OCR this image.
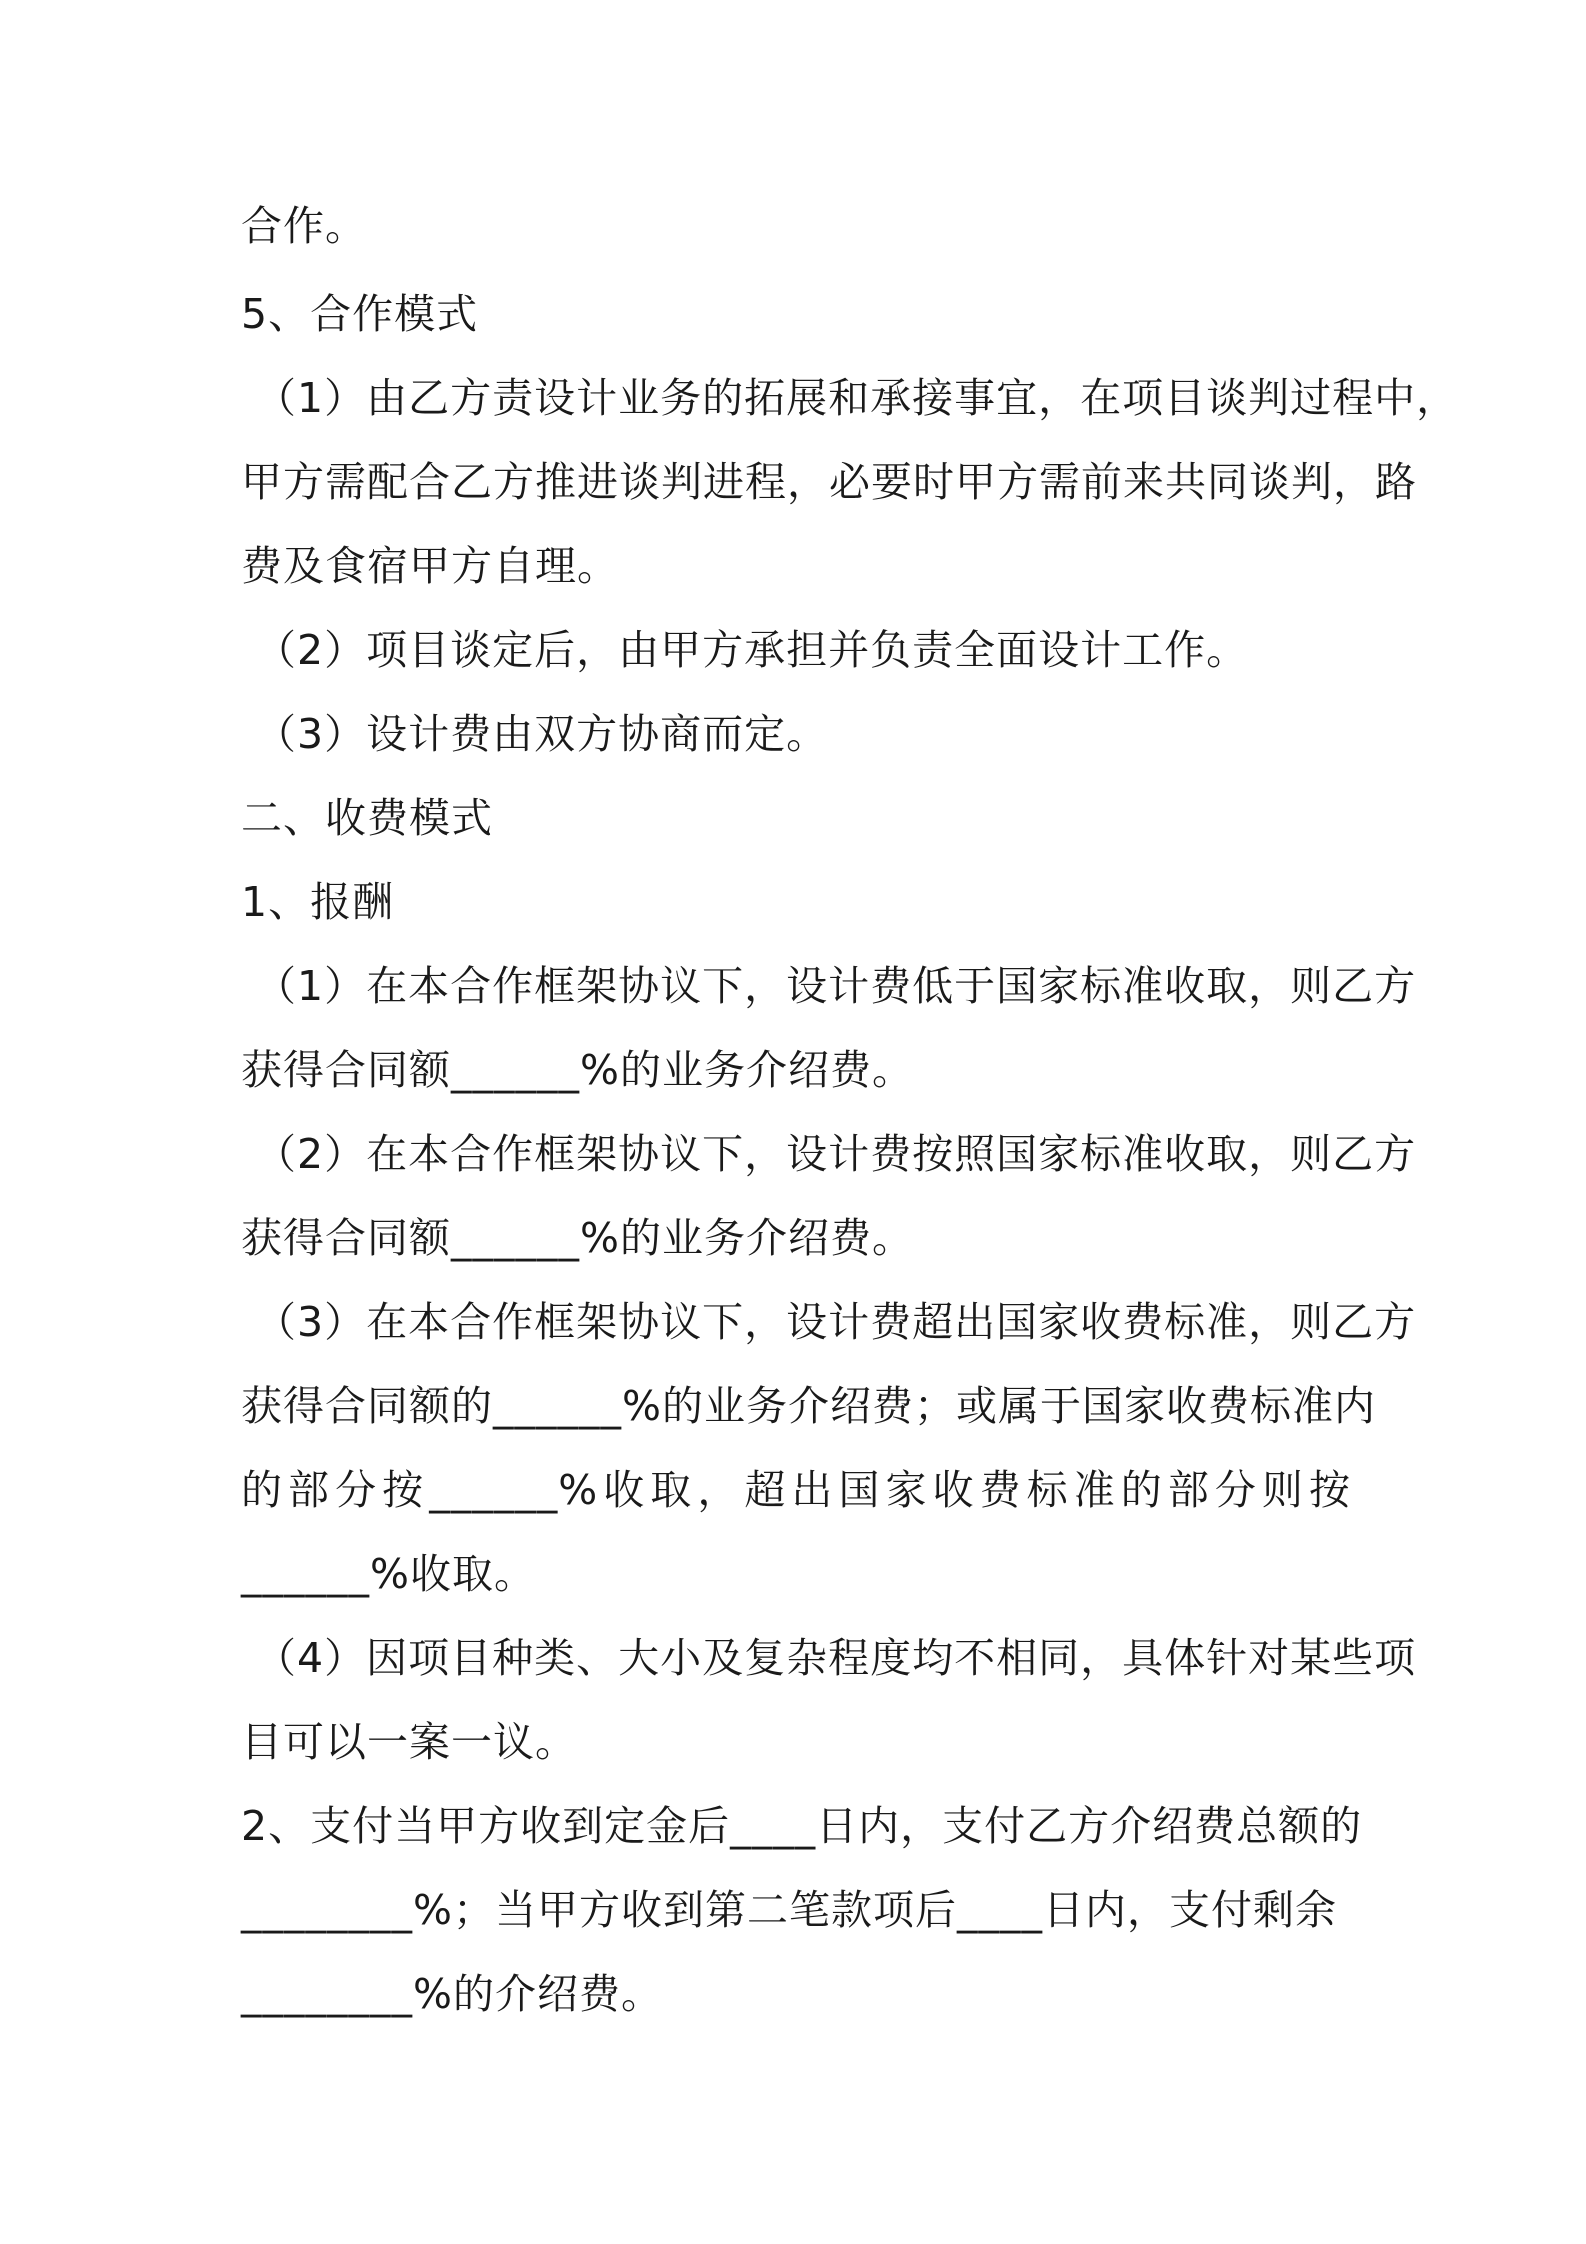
合作。
5、合作模式
（1）由乙方责设计业务的拓展和承接事宜，在项目谈判过程中，
甲方需配合乙方推进谈判进程，必要时甲方需前来共同谈判，路
费及食宿甲方自理。
（2）项目谈定后，由甲方承担并负责全面设计工作。
（3）设计费由双方协商而定。
二、收费模式
1、报酬
（1）在本合作框架协议下，设计费低于国家标准收取，则乙方
获得合同额______%的业务介绍费。
（2）在本合作框架协议下，设计费按照国家标准收取，则乙方
获得合同额______%的业务介绍费。
（3）在本合作框架协议下，设计费超出国家收费标准，则乙方
获得合同额的______%的业务介绍费；或属于国家收费标准内
的部分按______%收取，超出国家收费标准的部分则按
______%收取。
（4）因项目种类、大小及复杂程度均不相同，具体针对某些项
目可以一案一议。
2、支付当甲方收到定金后____日内，支付乙方介绍费总额的
________%；当甲方收到第二笔款项后____日内，支付剩余
________%的介绍费。
